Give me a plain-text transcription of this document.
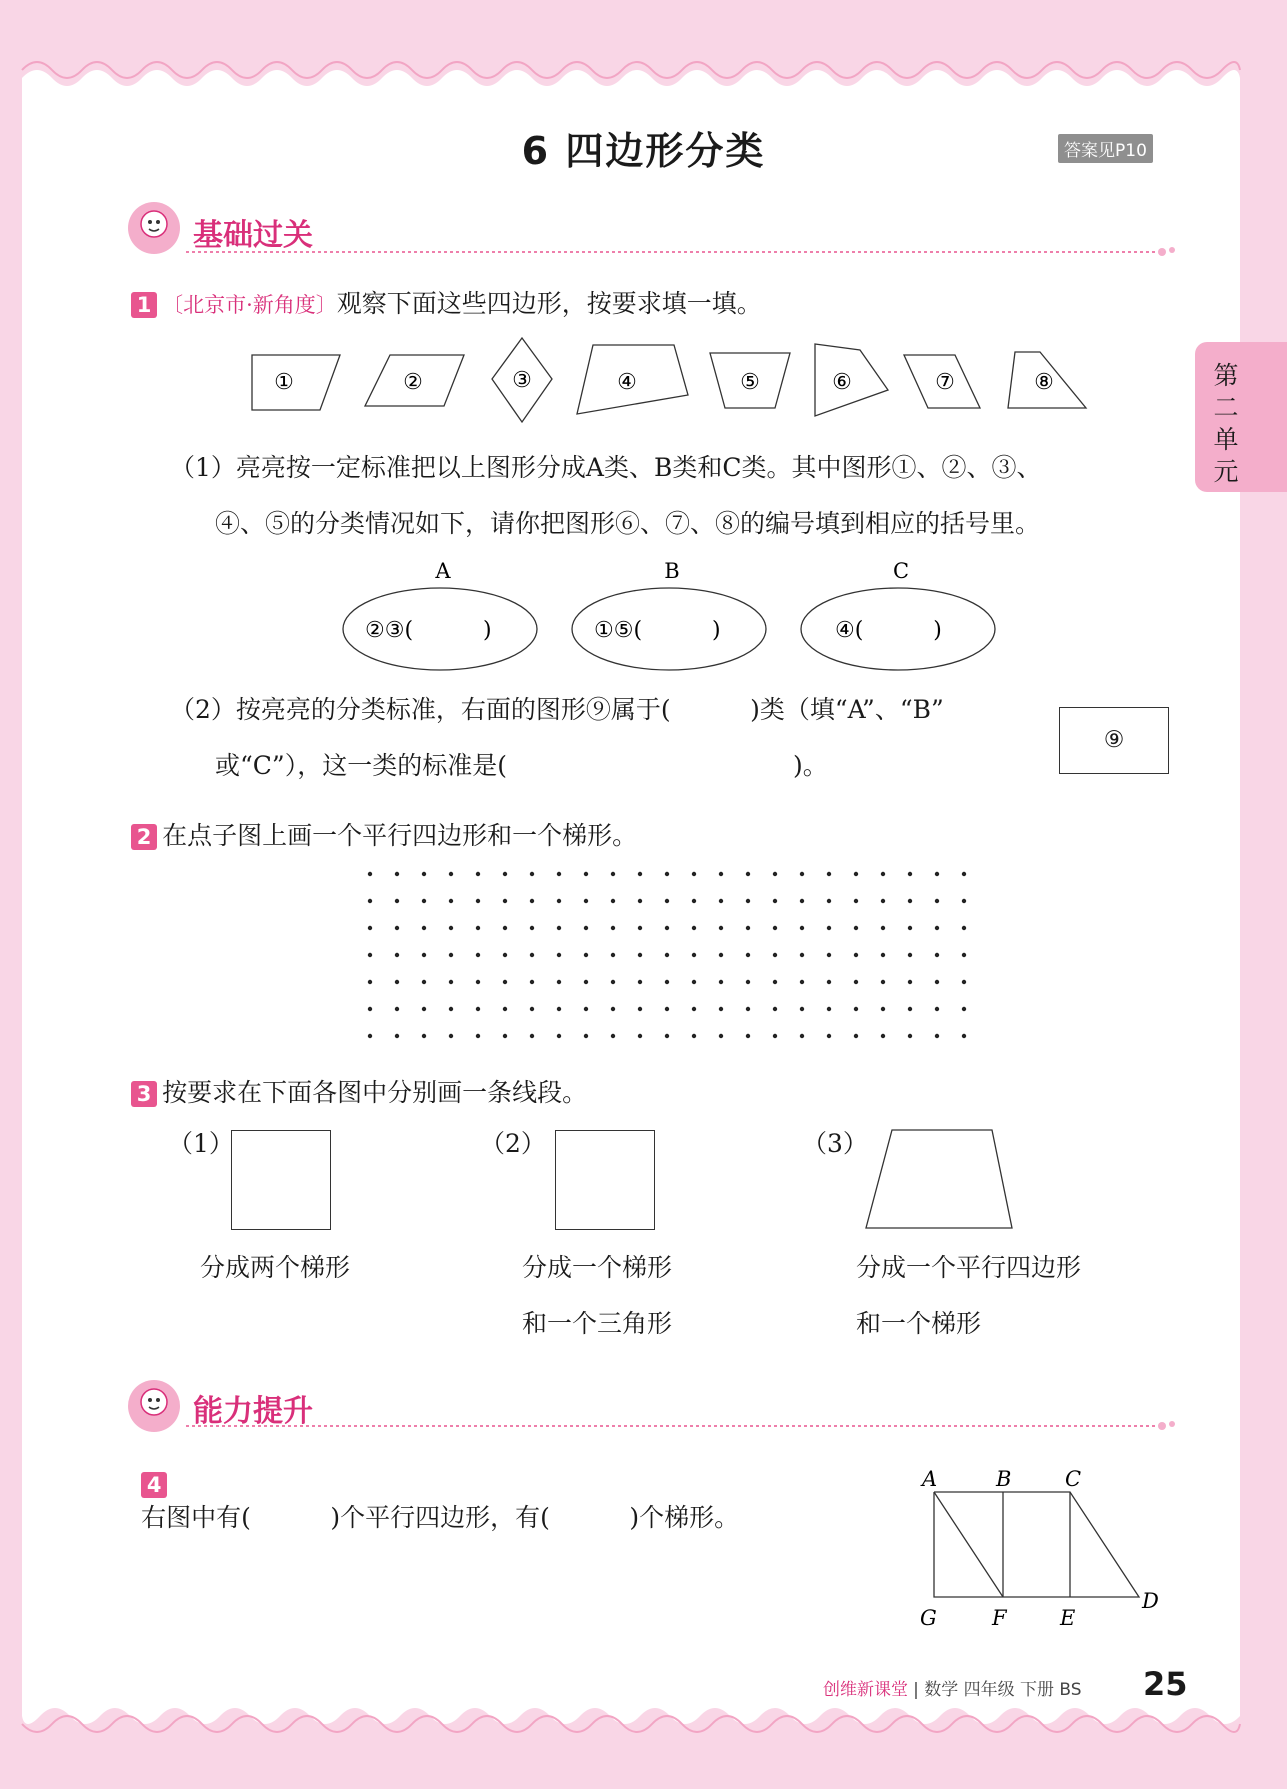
6 四边形分类	答案见P10
第二单元
基础过关
1 〔北京市·新角度〕观察下面这些四边形，按要求填一填。
①	②	③	④	⑤	⑥	⑦	⑧
（1）亮亮按一定标准把以上图形分成A类、B类和C类。其中图形①、②、③、
④、⑤的分类情况如下，请你把图形⑥、⑦、⑧的编号填到相应的括号里。
A	B	C
②③(          )	①⑤(          )	④(          )
（2）按亮亮的分类标准，右面的图形⑨属于(          )类（填“A”、“B”
或“C”），这一类的标准是(                                    )。
⑨
2 在点子图上画一个平行四边形和一个梯形。
3 按要求在下面各图中分别画一条线段。
（1）
分成两个梯形
（2）
分成一个梯形
和一个三角形
（3）
分成一个平行四边形
和一个梯形
能力提升

4
右图中有(          )个平行四边形，有(          )个梯形。

A	B	C
G	F	E
D
创维新课堂 | 数学 四年级 下册 BS 25
